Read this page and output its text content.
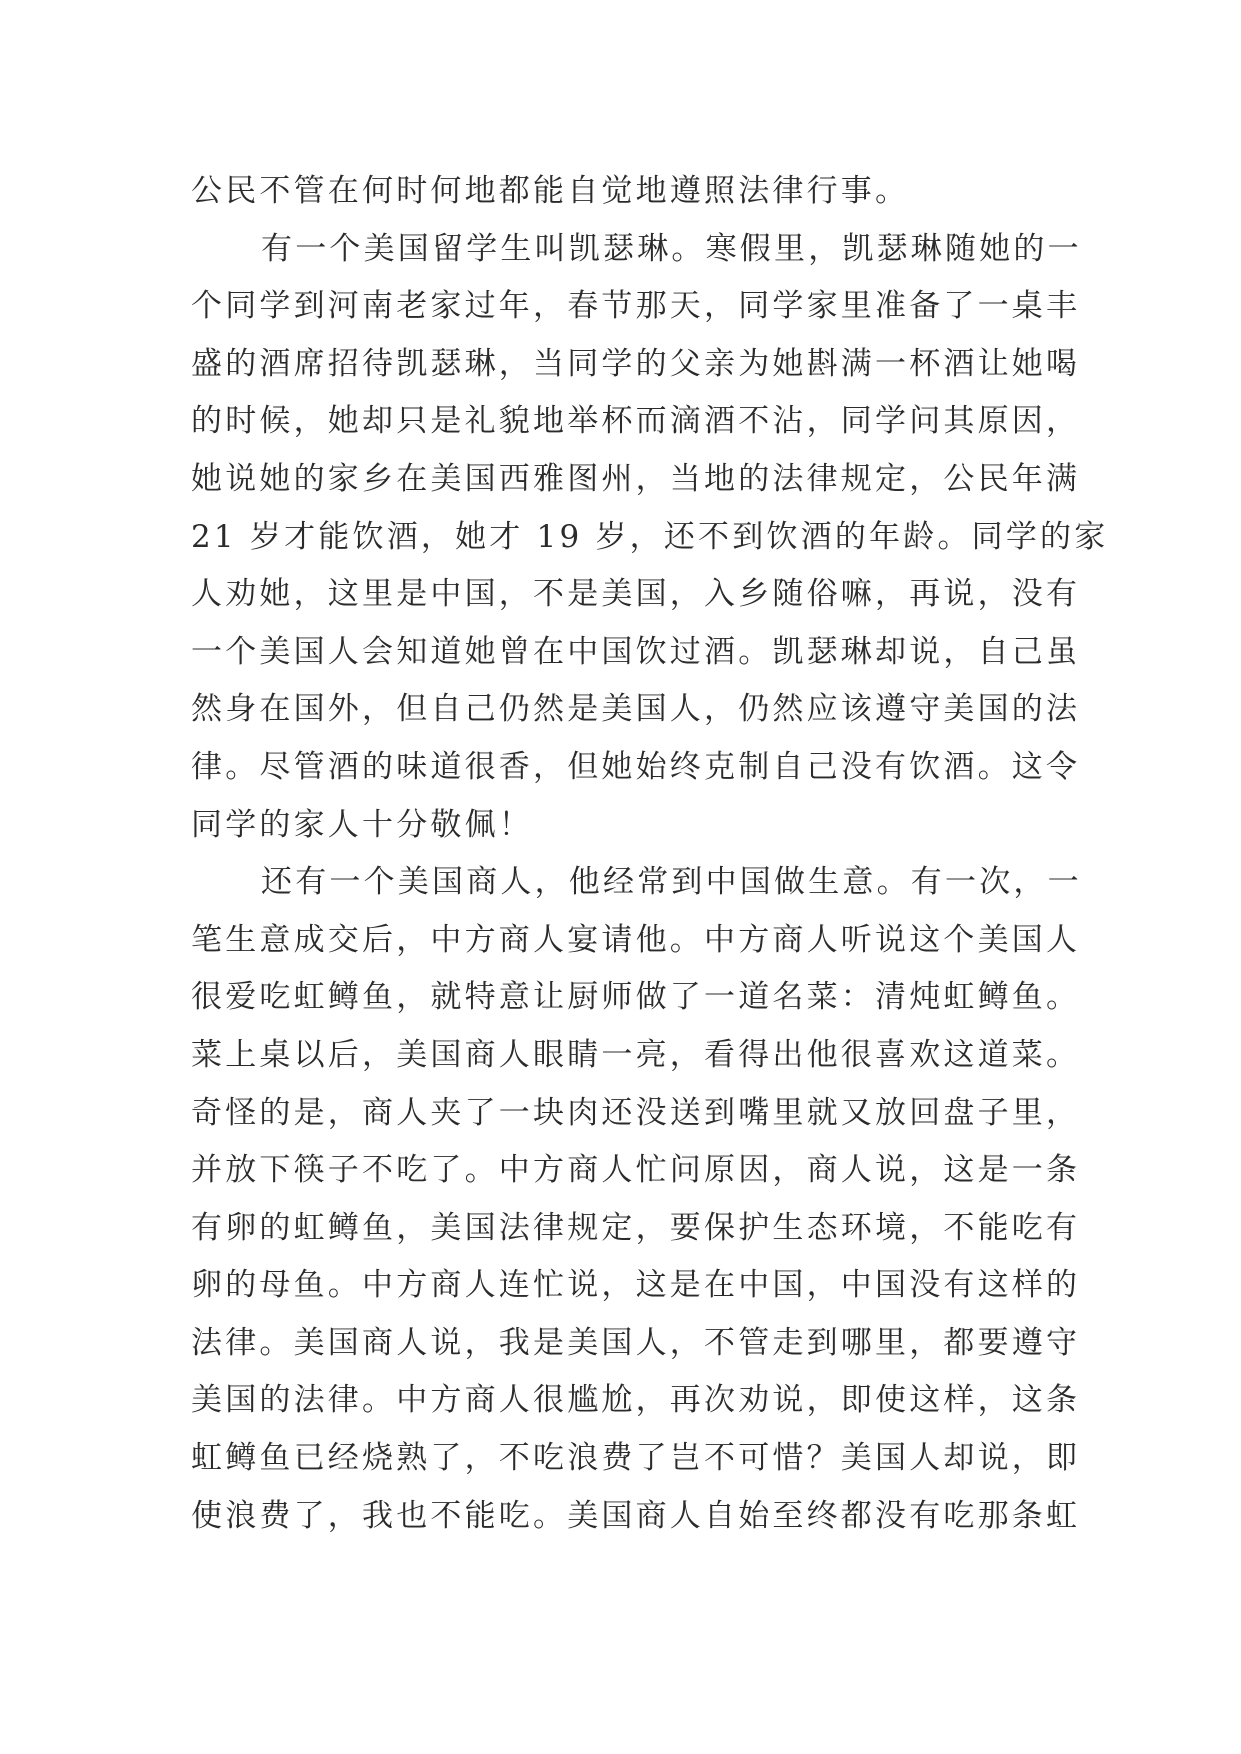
公民不管在何时何地都能自觉地遵照法律行事。
有一个美国留学生叫凯瑟琳。寒假里，凯瑟琳随她的一
个同学到河南老家过年，春节那天，同学家里准备了一桌丰
盛的酒席招待凯瑟琳，当同学的父亲为她斟满一杯酒让她喝
的时候，她却只是礼貌地举杯而滴酒不沾，同学问其原因，
她说她的家乡在美国西雅图州，当地的法律规定，公民年满
21 岁才能饮酒，她才 19 岁，还不到饮酒的年龄。同学的家
人劝她，这里是中国，不是美国，入乡随俗嘛，再说，没有
一个美国人会知道她曾在中国饮过酒。凯瑟琳却说，自己虽
然身在国外，但自己仍然是美国人，仍然应该遵守美国的法
律。尽管酒的味道很香，但她始终克制自己没有饮酒。这令
同学的家人十分敬佩！
还有一个美国商人，他经常到中国做生意。有一次，一
笔生意成交后，中方商人宴请他。中方商人听说这个美国人
很爱吃虹鳟鱼，就特意让厨师做了一道名菜：清炖虹鳟鱼。
菜上桌以后，美国商人眼睛一亮，看得出他很喜欢这道菜。
奇怪的是，商人夹了一块肉还没送到嘴里就又放回盘子里，
并放下筷子不吃了。中方商人忙问原因，商人说，这是一条
有卵的虹鳟鱼，美国法律规定，要保护生态环境，不能吃有
卵的母鱼。中方商人连忙说，这是在中国，中国没有这样的
法律。美国商人说，我是美国人，不管走到哪里，都要遵守
美国的法律。中方商人很尴尬，再次劝说，即使这样，这条
虹鳟鱼已经烧熟了，不吃浪费了岂不可惜？美国人却说，即
使浪费了，我也不能吃。美国商人自始至终都没有吃那条虹
